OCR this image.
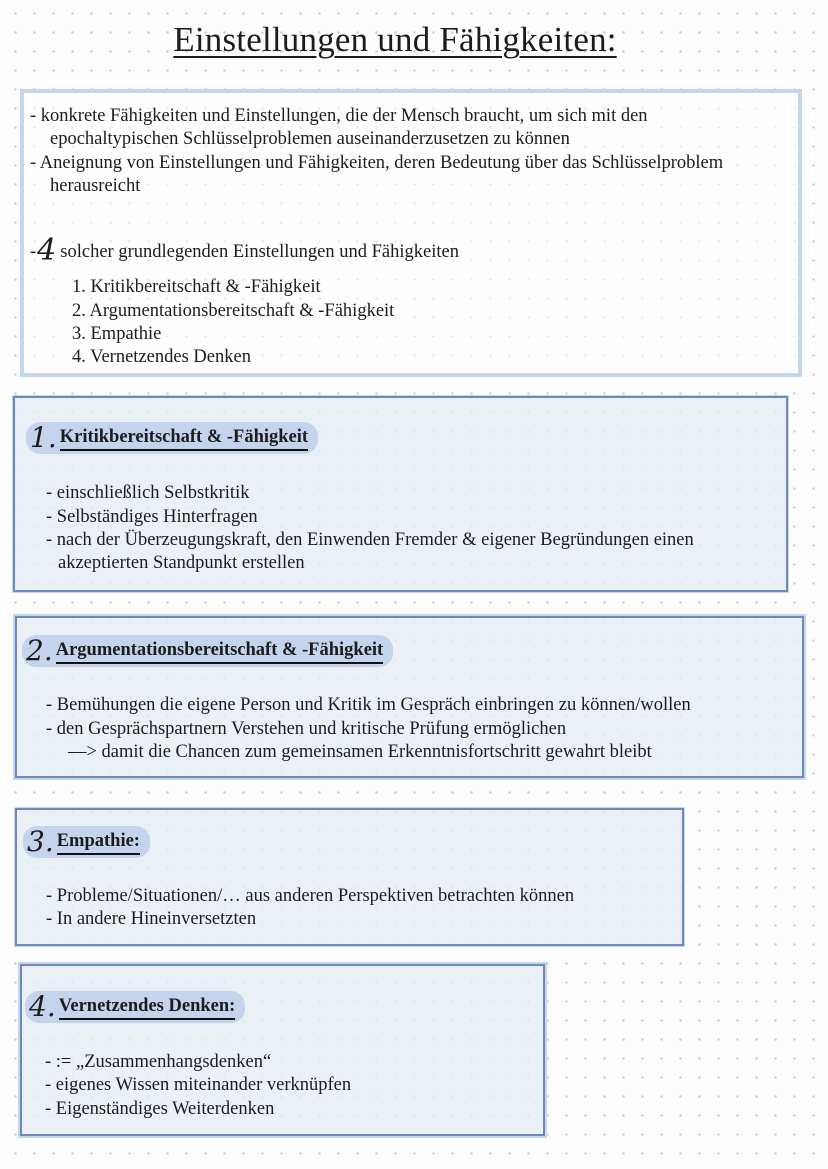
Einstellungen und Fähigkeiten:
- konkrete Fähigkeiten und Einstellungen, die der Mensch braucht, um sich mit den
epochaltypischen Schlüsselproblemen auseinanderzusetzen zu können
- Aneignung von Einstellungen und Fähigkeiten, deren Bedeutung über das Schlüsselproblem
herausreicht
-4 solcher grundlegenden Einstellungen und Fähigkeiten
1. Kritikbereitschaft & -Fähigkeit
2. Argumentationsbereitschaft & -Fähigkeit
3. Empathie
4. Vernetzendes Denken
1. Kritikbereitschaft & -Fähigkeit
- einschließlich Selbstkritik
- Selbständiges Hinterfragen
- nach der Überzeugungskraft, den Einwenden Fremder & eigener Begründungen einen
akzeptierten Standpunkt erstellen
2. Argumentationsbereitschaft & -Fähigkeit
- Bemühungen die eigene Person und Kritik im Gespräch einbringen zu können/wollen
- den Gesprächspartnern Verstehen und kritische Prüfung ermöglichen
—> damit die Chancen zum gemeinsamen Erkenntnisfortschritt gewahrt bleibt
3. Empathie:
- Probleme/Situationen/… aus anderen Perspektiven betrachten können
- In andere Hineinversetzten
4. Vernetzendes Denken:
- := „Zusammenhangsdenken“
- eigenes Wissen miteinander verknüpfen
- Eigenständiges Weiterdenken
